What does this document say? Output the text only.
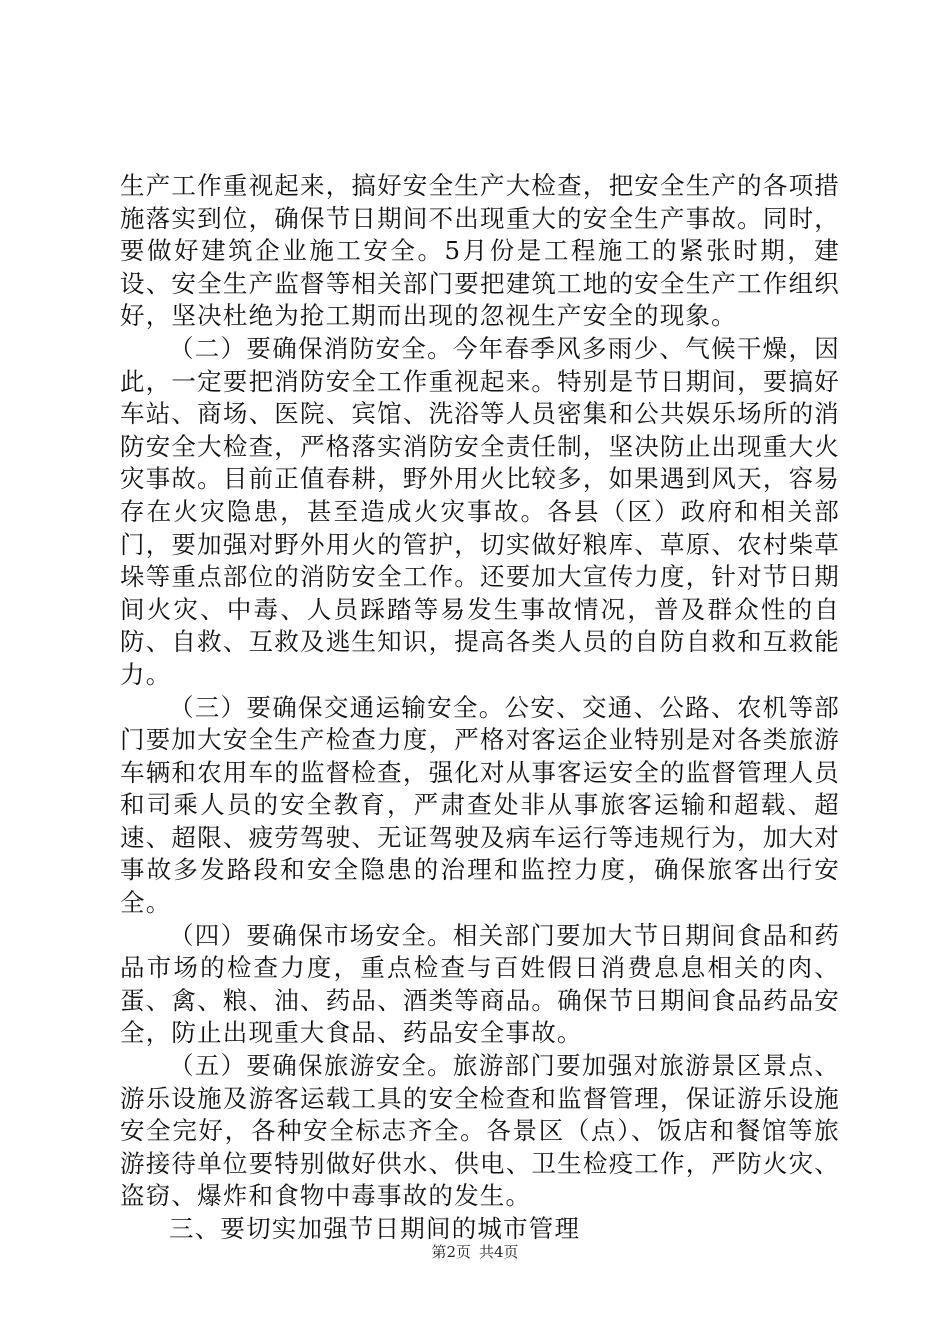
生产工作重视起来，搞好安全生产大检查，把安全生产的各项措施落实到位，确保节日期间不出现重大的安全生产事故。同时，要做好建筑企业施工安全。5月份是工程施工的紧张时期，建设、安全生产监督等相关部门要把建筑工地的安全生产工作组织好，坚决杜绝为抢工期而出现的忽视生产安全的现象。

（二）要确保消防安全。今年春季风多雨少、气候干燥，因此，一定要把消防安全工作重视起来。特别是节日期间，要搞好车站、商场、医院、宾馆、洗浴等人员密集和公共娱乐场所的消防安全大检查，严格落实消防安全责任制，坚决防止出现重大火灾事故。目前正值春耕，野外用火比较多，如果遇到风天，容易存在火灾隐患，甚至造成火灾事故。各县（区）政府和相关部门，要加强对野外用火的管护，切实做好粮库、草原、农村柴草垛等重点部位的消防安全工作。还要加大宣传力度，针对节日期间火灾、中毒、人员踩踏等易发生事故情况，普及群众性的自防、自救、互救及逃生知识，提高各类人员的自防自救和互救能力。

（三）要确保交通运输安全。公安、交通、公路、农机等部门要加大安全生产检查力度，严格对客运企业特别是对各类旅游车辆和农用车的监督检查，强化对从事客运安全的监督管理人员和司乘人员的安全教育，严肃查处非从事旅客运输和超载、超速、超限、疲劳驾驶、无证驾驶及病车运行等违规行为，加大对事故多发路段和安全隐患的治理和监控力度，确保旅客出行安全。

（四）要确保市场安全。相关部门要加大节日期间食品和药品市场的检查力度，重点检查与百姓假日消费息息相关的肉、蛋、禽、粮、油、药品、酒类等商品。确保节日期间食品药品安全，防止出现重大食品、药品安全事故。

（五）要确保旅游安全。旅游部门要加强对旅游景区景点、游乐设施及游客运载工具的安全检查和监督管理，保证游乐设施安全完好，各种安全标志齐全。各景区（点）、饭店和餐馆等旅游接待单位要特别做好供水、供电、卫生检疫工作，严防火灾、盗窃、爆炸和食物中毒事故的发生。

三、要切实加强节日期间的城市管理

第2页 共4页
